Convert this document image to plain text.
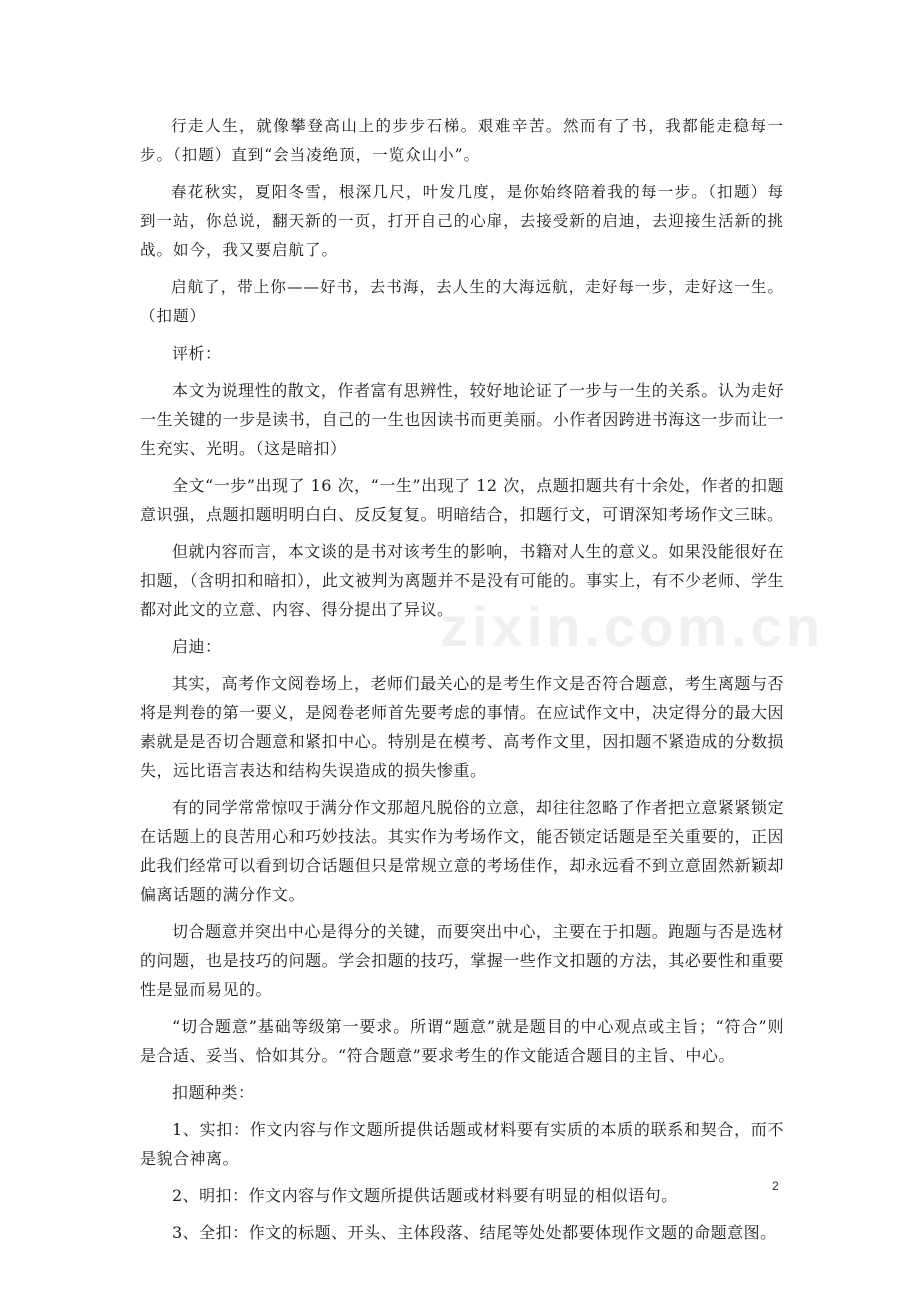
行走人生，就像攀登高山上的步步石梯。艰难辛苦。然而有了书，我都能走稳每一步。（扣题）直到“会当凌绝顶，一览众山小”。

春花秋实，夏阳冬雪，根深几尺，叶发几度，是你始终陪着我的每一步。（扣题）每到一站，你总说，翻天新的一页，打开自己的心扉，去接受新的启迪，去迎接生活新的挑战。如今，我又要启航了。

启航了，带上你——好书，去书海，去人生的大海远航，走好每一步，走好这一生。（扣题）

评析：

本文为说理性的散文，作者富有思辨性，较好地论证了一步与一生的关系。认为走好一生关键的一步是读书，自己的一生也因读书而更美丽。小作者因跨进书海这一步而让一生充实、光明。（这是暗扣）

全文“一步”出现了 16 次，“一生”出现了 12 次，点题扣题共有十余处，作者的扣题意识强，点题扣题明明白白、反反复复。明暗结合，扣题行文，可谓深知考场作文三昧。

但就内容而言，本文谈的是书对该考生的影响，书籍对人生的意义。如果没能很好在扣题，（含明扣和暗扣），此文被判为离题并不是没有可能的。事实上，有不少老师、学生都对此文的立意、内容、得分提出了异议。

启迪：

其实，高考作文阅卷场上，老师们最关心的是考生作文是否符合题意，考生离题与否将是判卷的第一要义，是阅卷老师首先要考虑的事情。在应试作文中，决定得分的最大因素就是是否切合题意和紧扣中心。特别是在模考、高考作文里，因扣题不紧造成的分数损失，远比语言表达和结构失误造成的损失惨重。

有的同学常常惊叹于满分作文那超凡脱俗的立意，却往往忽略了作者把立意紧紧锁定在话题上的良苦用心和巧妙技法。其实作为考场作文，能否锁定话题是至关重要的，正因此我们经常可以看到切合话题但只是常规立意的考场佳作，却永远看不到立意固然新颖却偏离话题的满分作文。

切合题意并突出中心是得分的关键，而要突出中心，主要在于扣题。跑题与否是选材的问题，也是技巧的问题。学会扣题的技巧，掌握一些作文扣题的方法，其必要性和重要性是显而易见的。

“切合题意”基础等级第一要求。所谓“题意”就是题目的中心观点或主旨；“符合”则是合适、妥当、恰如其分。“符合题意”要求考生的作文能适合题目的主旨、中心。

扣题种类：

1、实扣：作文内容与作文题所提供话题或材料要有实质的本质的联系和契合，而不是貌合神离。

2、明扣：作文内容与作文题所提供话题或材料要有明显的相似语句。

3、全扣：作文的标题、开头、主体段落、结尾等处处都要体现作文题的命题意图。

zixin.com.cn
2
